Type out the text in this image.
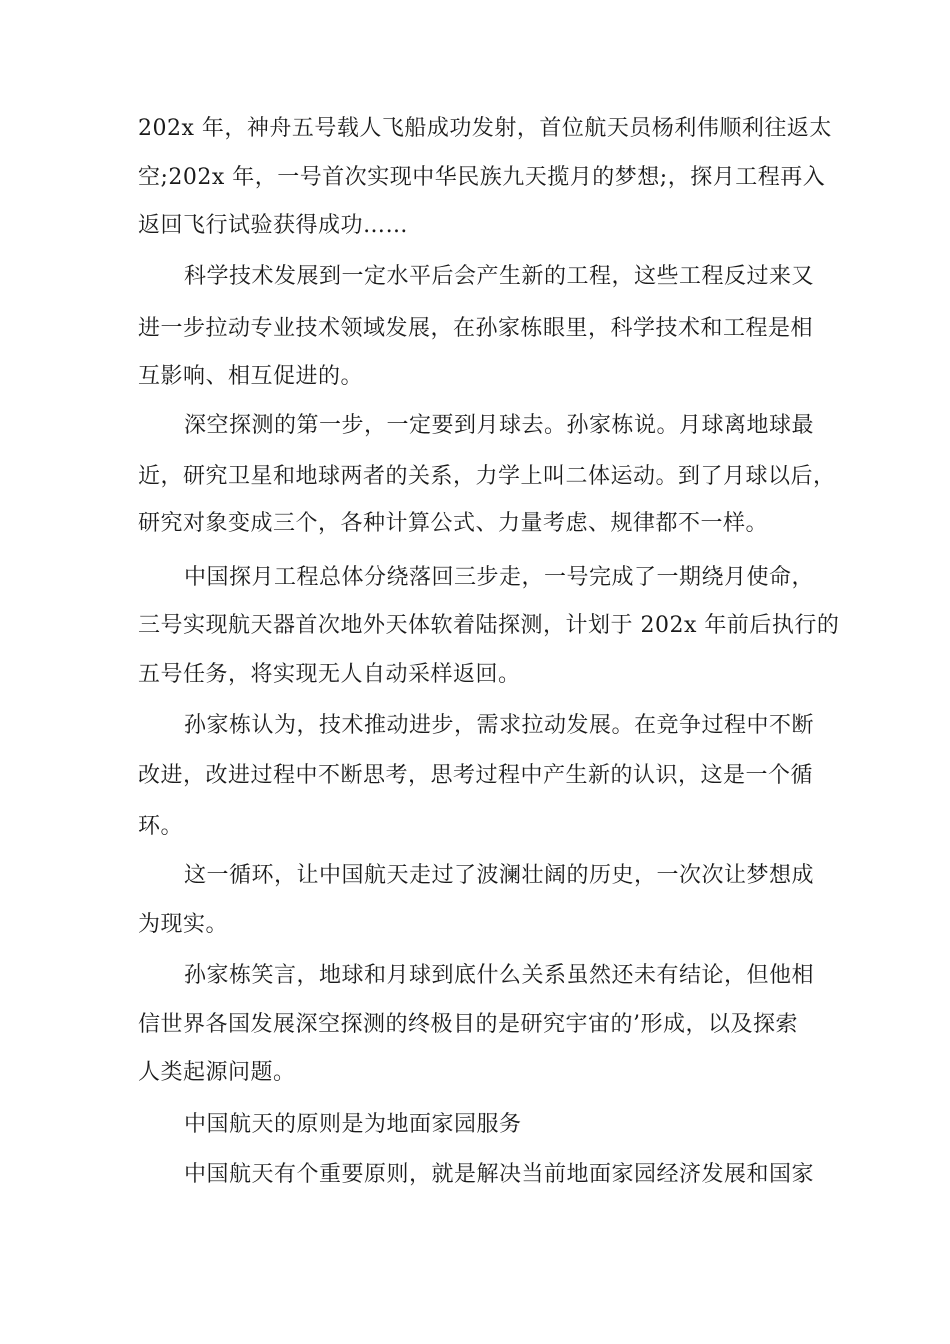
202x 年，神舟五号载人飞船成功发射，首位航天员杨利伟顺利往返太
空;202x 年，一号首次实现中华民族九天揽月的梦想;，探月工程再入
返回飞行试验获得成功……
科学技术发展到一定水平后会产生新的工程，这些工程反过来又
进一步拉动专业技术领域发展，在孙家栋眼里，科学技术和工程是相
互影响、相互促进的。
深空探测的第一步，一定要到月球去。孙家栋说。月球离地球最
近，研究卫星和地球两者的关系，力学上叫二体运动。到了月球以后，
研究对象变成三个，各种计算公式、力量考虑、规律都不一样。
中国探月工程总体分绕落回三步走，一号完成了一期绕月使命，
三号实现航天器首次地外天体软着陆探测，计划于 202x 年前后执行的
五号任务，将实现无人自动采样返回。
孙家栋认为，技术推动进步，需求拉动发展。在竞争过程中不断
改进，改进过程中不断思考，思考过程中产生新的认识，这是一个循
环。
这一循环，让中国航天走过了波澜壮阔的历史，一次次让梦想成
为现实。
孙家栋笑言，地球和月球到底什么关系虽然还未有结论，但他相
信世界各国发展深空探测的终极目的是研究宇宙的’形成，以及探索
人类起源问题。
中国航天的原则是为地面家园服务
中国航天有个重要原则，就是解决当前地面家园经济发展和国家
